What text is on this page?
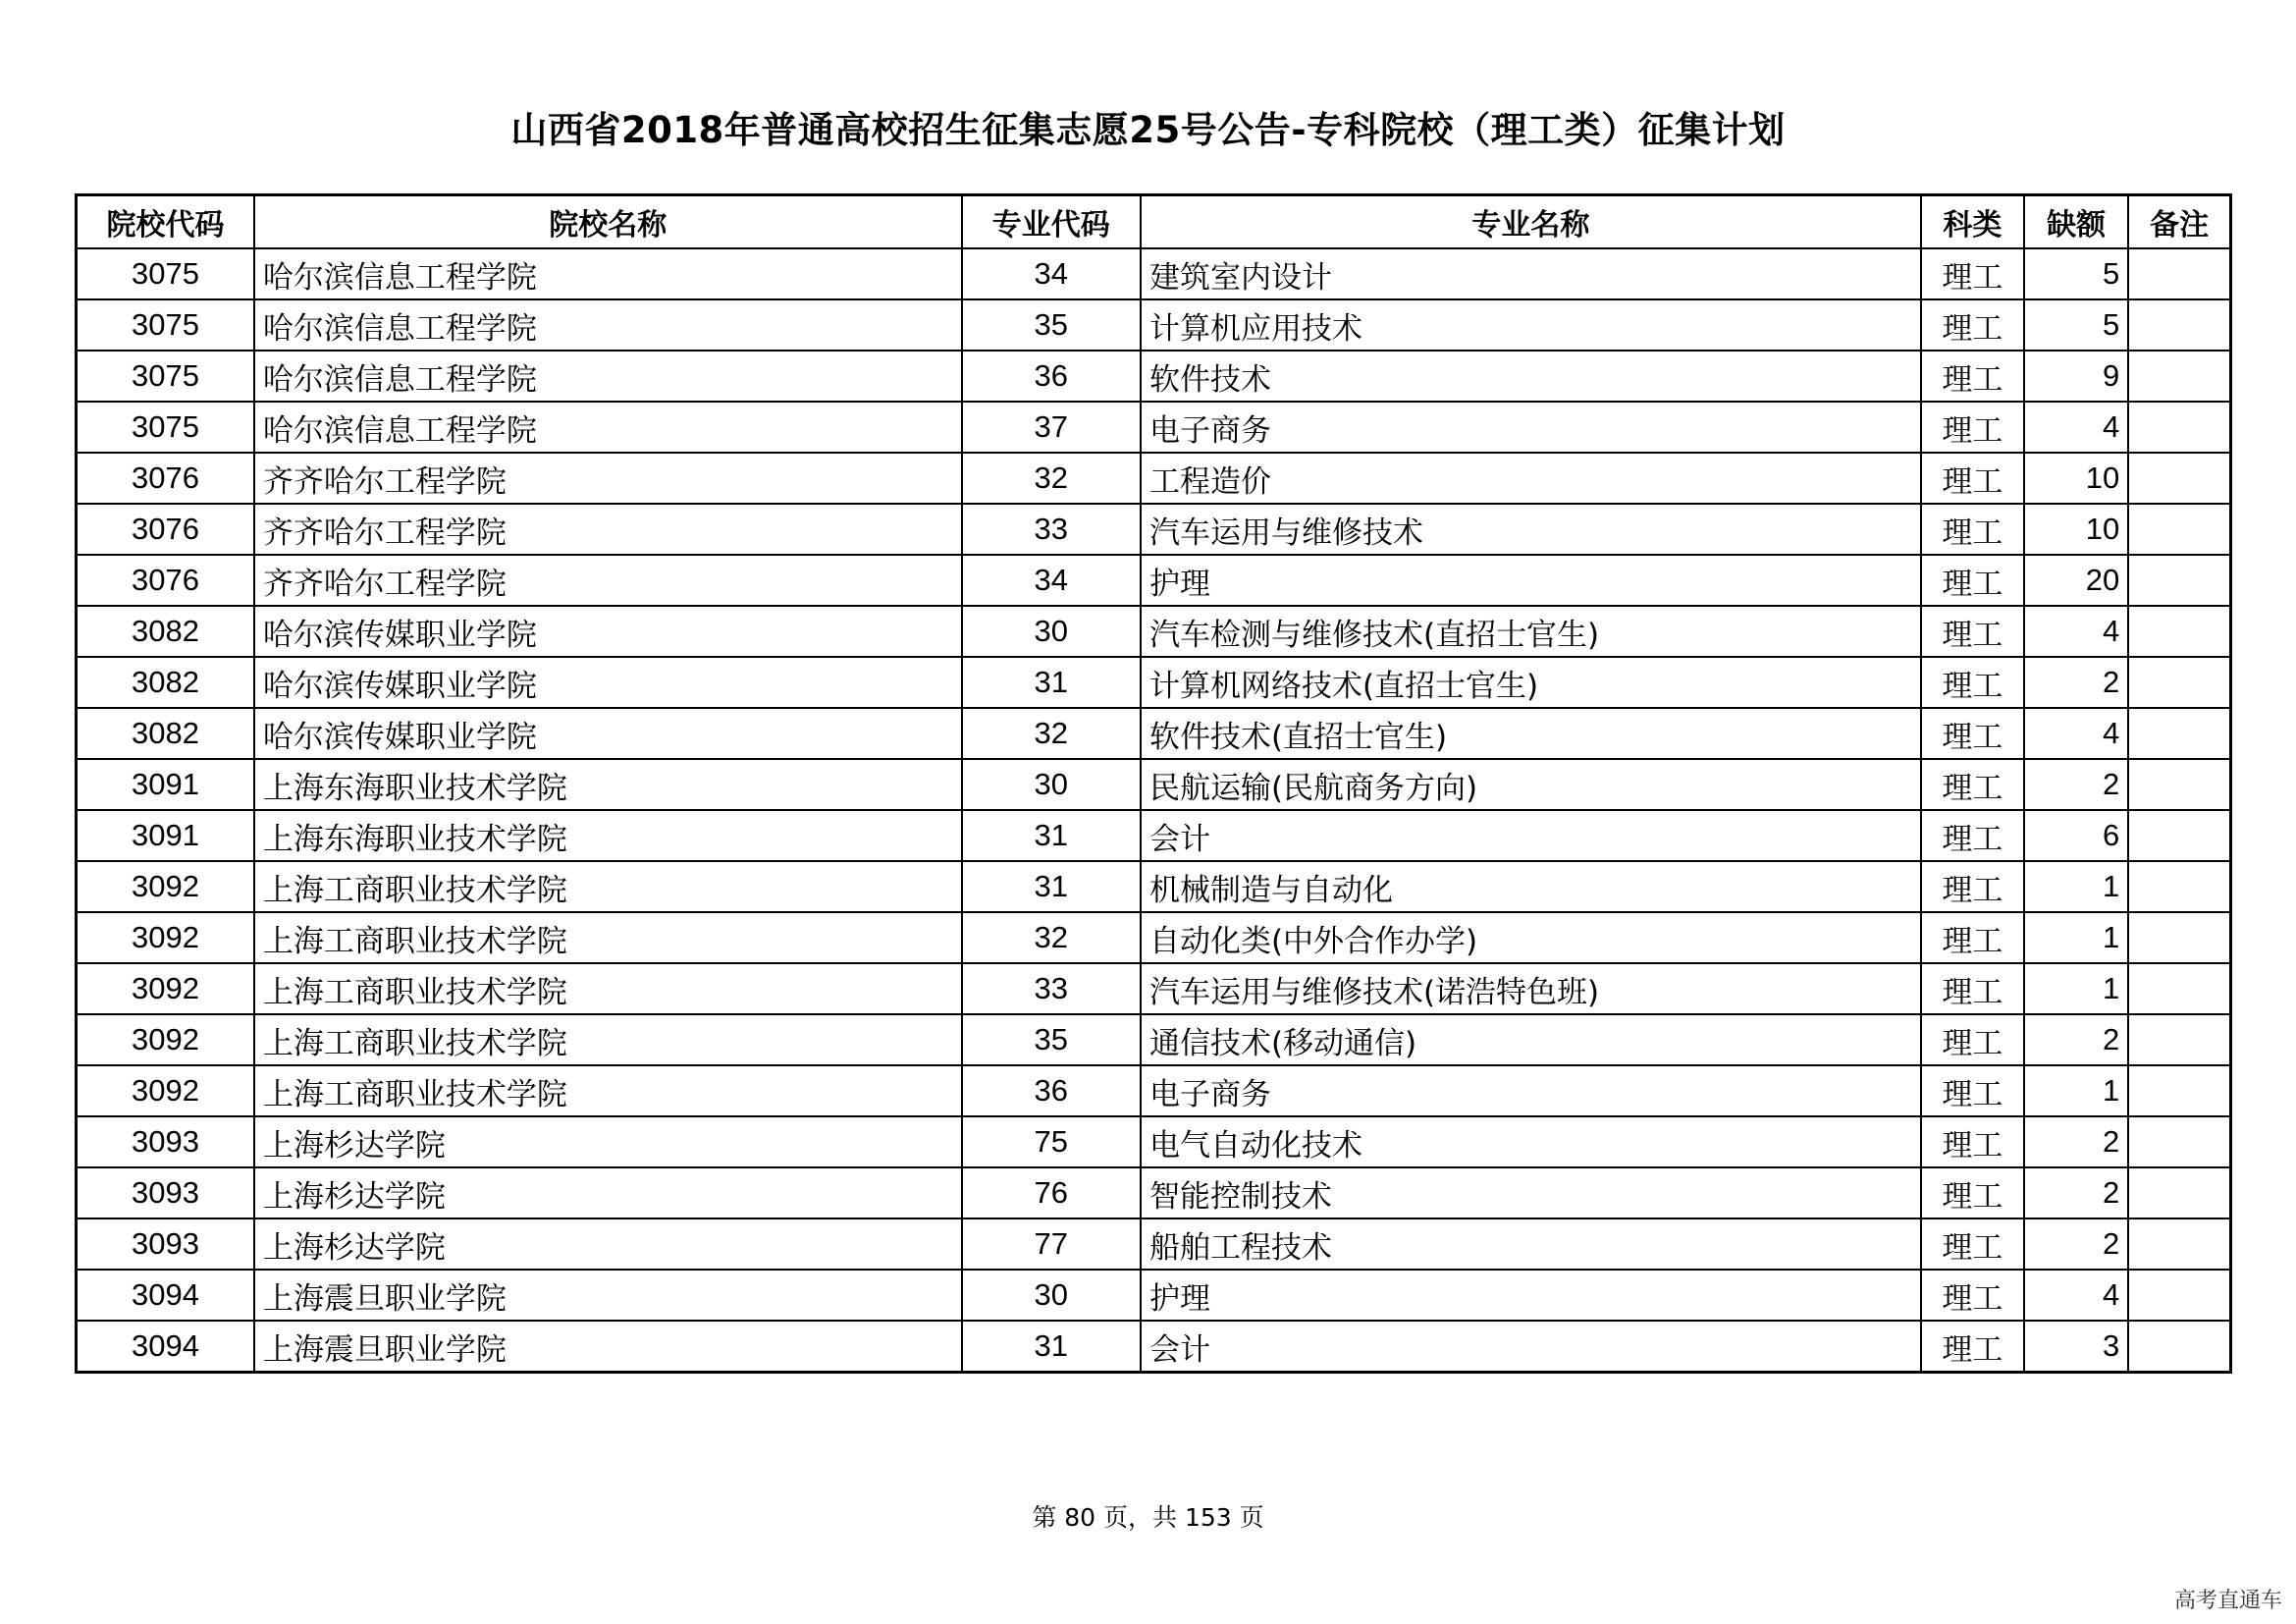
山西省2018年普通高校招生征集志愿25号公告-专科院校（理工类）征集计划
院校代码	院校名称	专业代码	专业名称	科类	缺额	备注
3075	哈尔滨信息工程学院	34	建筑室内设计	理工	5	
3075	哈尔滨信息工程学院	35	计算机应用技术	理工	5	
3075	哈尔滨信息工程学院	36	软件技术	理工	9	
3075	哈尔滨信息工程学院	37	电子商务	理工	4	
3076	齐齐哈尔工程学院	32	工程造价	理工	10	
3076	齐齐哈尔工程学院	33	汽车运用与维修技术	理工	10	
3076	齐齐哈尔工程学院	34	护理	理工	20	
3082	哈尔滨传媒职业学院	30	汽车检测与维修技术(直招士官生)	理工	4	
3082	哈尔滨传媒职业学院	31	计算机网络技术(直招士官生)	理工	2	
3082	哈尔滨传媒职业学院	32	软件技术(直招士官生)	理工	4	
3091	上海东海职业技术学院	30	民航运输(民航商务方向)	理工	2	
3091	上海东海职业技术学院	31	会计	理工	6	
3092	上海工商职业技术学院	31	机械制造与自动化	理工	1	
3092	上海工商职业技术学院	32	自动化类(中外合作办学)	理工	1	
3092	上海工商职业技术学院	33	汽车运用与维修技术(诺浩特色班)	理工	1	
3092	上海工商职业技术学院	35	通信技术(移动通信)	理工	2	
3092	上海工商职业技术学院	36	电子商务	理工	1	
3093	上海杉达学院	75	电气自动化技术	理工	2	
3093	上海杉达学院	76	智能控制技术	理工	2	
3093	上海杉达学院	77	船舶工程技术	理工	2	
3094	上海震旦职业学院	30	护理	理工	4	
3094	上海震旦职业学院	31	会计	理工	3	
第 80 页，共 153 页
高考直通车
